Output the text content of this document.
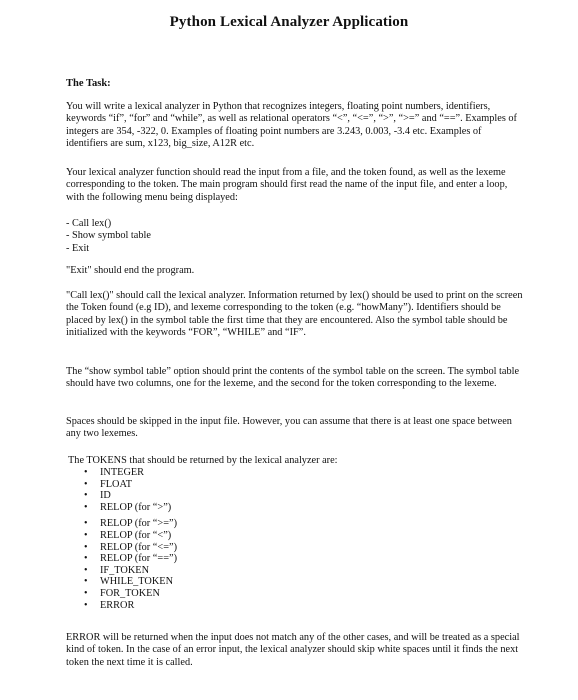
Python Lexical Analyzer Application
The Task:

You will write a lexical analyzer in Python that recognizes integers, floating point numbers, identifiers, keywords “if”, “for” and “while”, as well as relational operators “<”, “<=”, “>”, “>=” and “==”. Examples of integers are 354, -322, 0. Examples of floating point numbers are 3.243, 0.003, -3.4 etc. Examples of identifiers are sum, x123, big_size, A12R etc.

Your lexical analyzer function should read the input from a file, and the token found, as well as the lexeme corresponding to the token. The main program should first read the name of the input file, and enter a loop, with the following menu being displayed:

- Call lex()
- Show symbol table
- Exit

"Exit" should end the program.

"Call lex()" should call the lexical analyzer. Information returned by lex() should be used to print on the screen the Token found (e.g ID), and lexeme corresponding to the token (e.g. “howMany”). Identifiers should be placed by lex() in the symbol table the first time that they are encountered. Also the symbol table should be initialized with the keywords “FOR”, “WHILE” and “IF”.

The “show symbol table” option should print the contents of the symbol table on the screen. The symbol table should have two columns, one for the lexeme, and the second for the token corresponding to the lexeme.

Spaces should be skipped in the input file. However, you can assume that there is at least one space between any two lexemes.

The TOKENS that should be returned by the lexical analyzer are:
• INTEGER
• FLOAT
• ID
• RELOP (for “>”)
• RELOP (for “>=”)
• RELOP (for “<”)
• RELOP (for “<=”)
• RELOP (for “==”)
• IF_TOKEN
• WHILE_TOKEN
• FOR_TOKEN
• ERROR

ERROR will be returned when the input does not match any of the other cases, and will be treated as a special kind of token. In the case of an error input, the lexical analyzer should skip white spaces until it finds the next token the next time it is called.
